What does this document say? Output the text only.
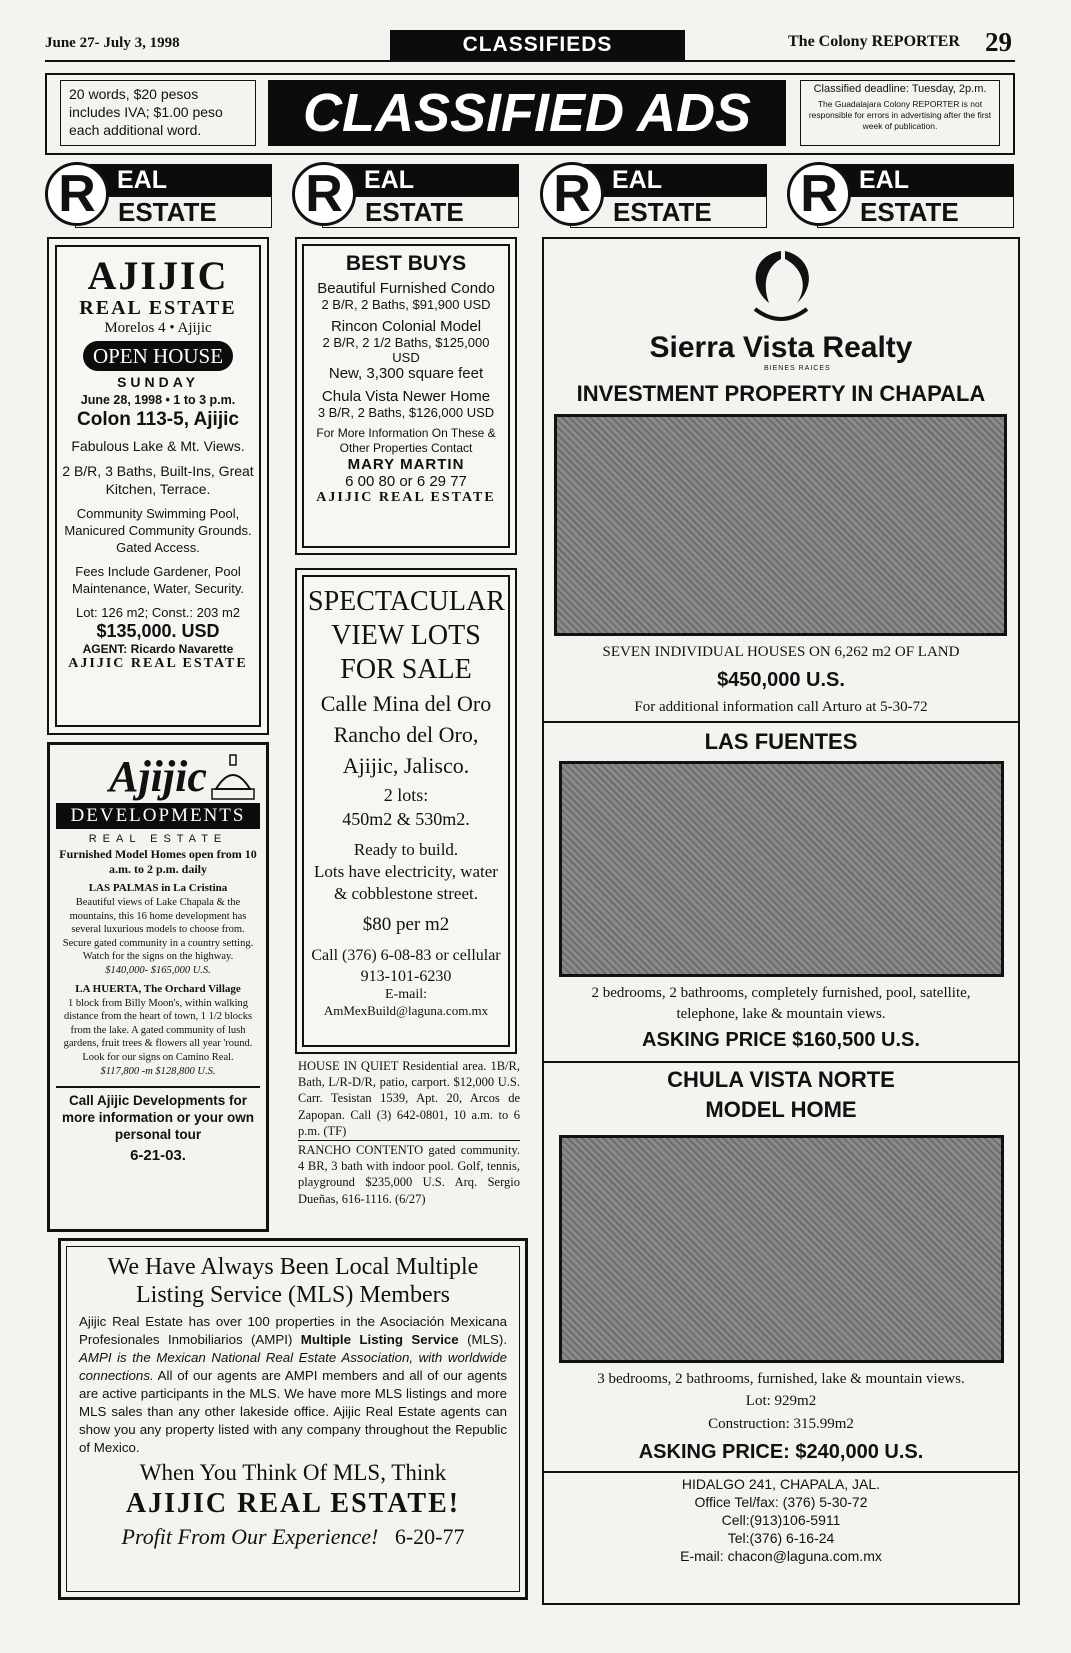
June 27- July 3, 1998	CLASSIFIEDS	The Colony REPORTER 29
20 words, $20 pesos
includes IVA; $1.00 peso
each additional word.	CLASSIFIED ADS	Classified deadline: Tuesday, 2p.m.
The Guadalajara Colony REPORTER is not responsible for errors in advertising after the first week of publication.
EAL
ESTATE
R	EAL
ESTATE
R	EAL
ESTATE
R	EAL
ESTATE
R
AJIJIC
REAL ESTATE
Morelos 4 • Ajijic
OPEN HOUSE
SUNDAY
June 28, 1998 • 1 to 3 p.m.
Colon 113-5, Ajijic
Fabulous Lake & Mt. Views.
2 B/R, 3 Baths, Built-Ins, Great Kitchen, Terrace.
Community Swimming Pool, Manicured Community Grounds. Gated Access.
Fees Include Gardener, Pool Maintenance, Water, Security.
Lot: 126 m2; Const.: 203 m2
$135,000. USD
AGENT: Ricardo Navarette
AJIJIC REAL ESTATE
Ajijic
DEVELOPMENTS
REAL ESTATE
Furnished Model Homes open from 10 a.m. to 2 p.m. daily
LAS PALMAS in La Cristina
Beautiful views of Lake Chapala & the mountains, this 16 home development has several luxurious models to choose from. Secure gated community in a country setting. Watch for the signs on the highway.
$140,000- $165,000 U.S.
LA HUERTA, The Orchard Village
1 block from Billy Moon's, within walking distance from the heart of town, 1 1/2 blocks from the lake. A gated community of lush gardens, fruit trees & flowers all year 'round. Look for our signs on Camino Real.
$117,800 -m $128,800 U.S.
Call Ajijic Developments for more information or your own personal tour
6-21-03.
BEST BUYS
Beautiful Furnished Condo
2 B/R, 2 Baths, $91,900 USD
Rincon Colonial Model
2 B/R, 2 1/2 Baths, $125,000 USD
New, 3,300 square feet
Chula Vista Newer Home
3 B/R, 2 Baths, $126,000 USD
For More Information On These & Other Properties Contact
MARY MARTIN
6 00 80 or 6 29 77
AJIJIC REAL ESTATE
SPECTACULAR VIEW LOTS FOR SALE
Calle Mina del Oro
Rancho del Oro, Ajijic, Jalisco.
2 lots:
450m2 & 530m2.
Ready to build.
Lots have electricity, water & cobblestone street.
$80 per m2
Call (376) 6-08-83 or cellular 913-101-6230
E-mail:
AmMexBuild@laguna.com.mx

HOUSE IN QUIET Residential area. 1B/R, Bath, L/R-D/R, patio, carport. $12,000 U.S. Carr. Tesistan 1539, Apt. 20, Arcos de Zapopan. Call (3) 642-0801, 10 a.m. to 6 p.m. (TF)

RANCHO CONTENTO gated community. 4 BR, 3 bath with indoor pool. Golf, tennis, playground $235,000 U.S. Arq. Sergio Dueñas, 616-1116. (6/27)

We Have Always Been Local Multiple Listing Service (MLS) Members
Ajijic Real Estate has over 100 properties in the Asociación Mexicana Profesionales Inmobiliarios (AMPI) Multiple Listing Service (MLS). AMPI is the Mexican National Real Estate Association, with worldwide connections. All of our agents are AMPI members and all of our agents are active participants in the MLS. We have more MLS listings and more MLS sales than any other lakeside office. Ajijic Real Estate agents can show you any property listed with any company throughout the Republic of Mexico.
When You Think Of MLS, Think
AJIJIC REAL ESTATE!
Profit From Our Experience! 6-20-77
Sierra Vista Realty
BIENES RAICES
INVESTMENT PROPERTY IN CHAPALA
SEVEN INDIVIDUAL HOUSES ON 6,262 m2 OF LAND
$450,000 U.S.
For additional information call Arturo at 5-30-72
LAS FUENTES
2 bedrooms, 2 bathrooms, completely furnished, pool, satellite, telephone, lake & mountain views.
ASKING PRICE $160,500 U.S.
CHULA VISTA NORTE MODEL HOME
3 bedrooms, 2 bathrooms, furnished, lake & mountain views.
Lot: 929m2
Construction: 315.99m2
ASKING PRICE: $240,000 U.S.
HIDALGO 241, CHAPALA, JAL.
Office Tel/fax: (376) 5-30-72
Cell:(913)106-5911
Tel:(376) 6-16-24
E-mail: chacon@laguna.com.mx
